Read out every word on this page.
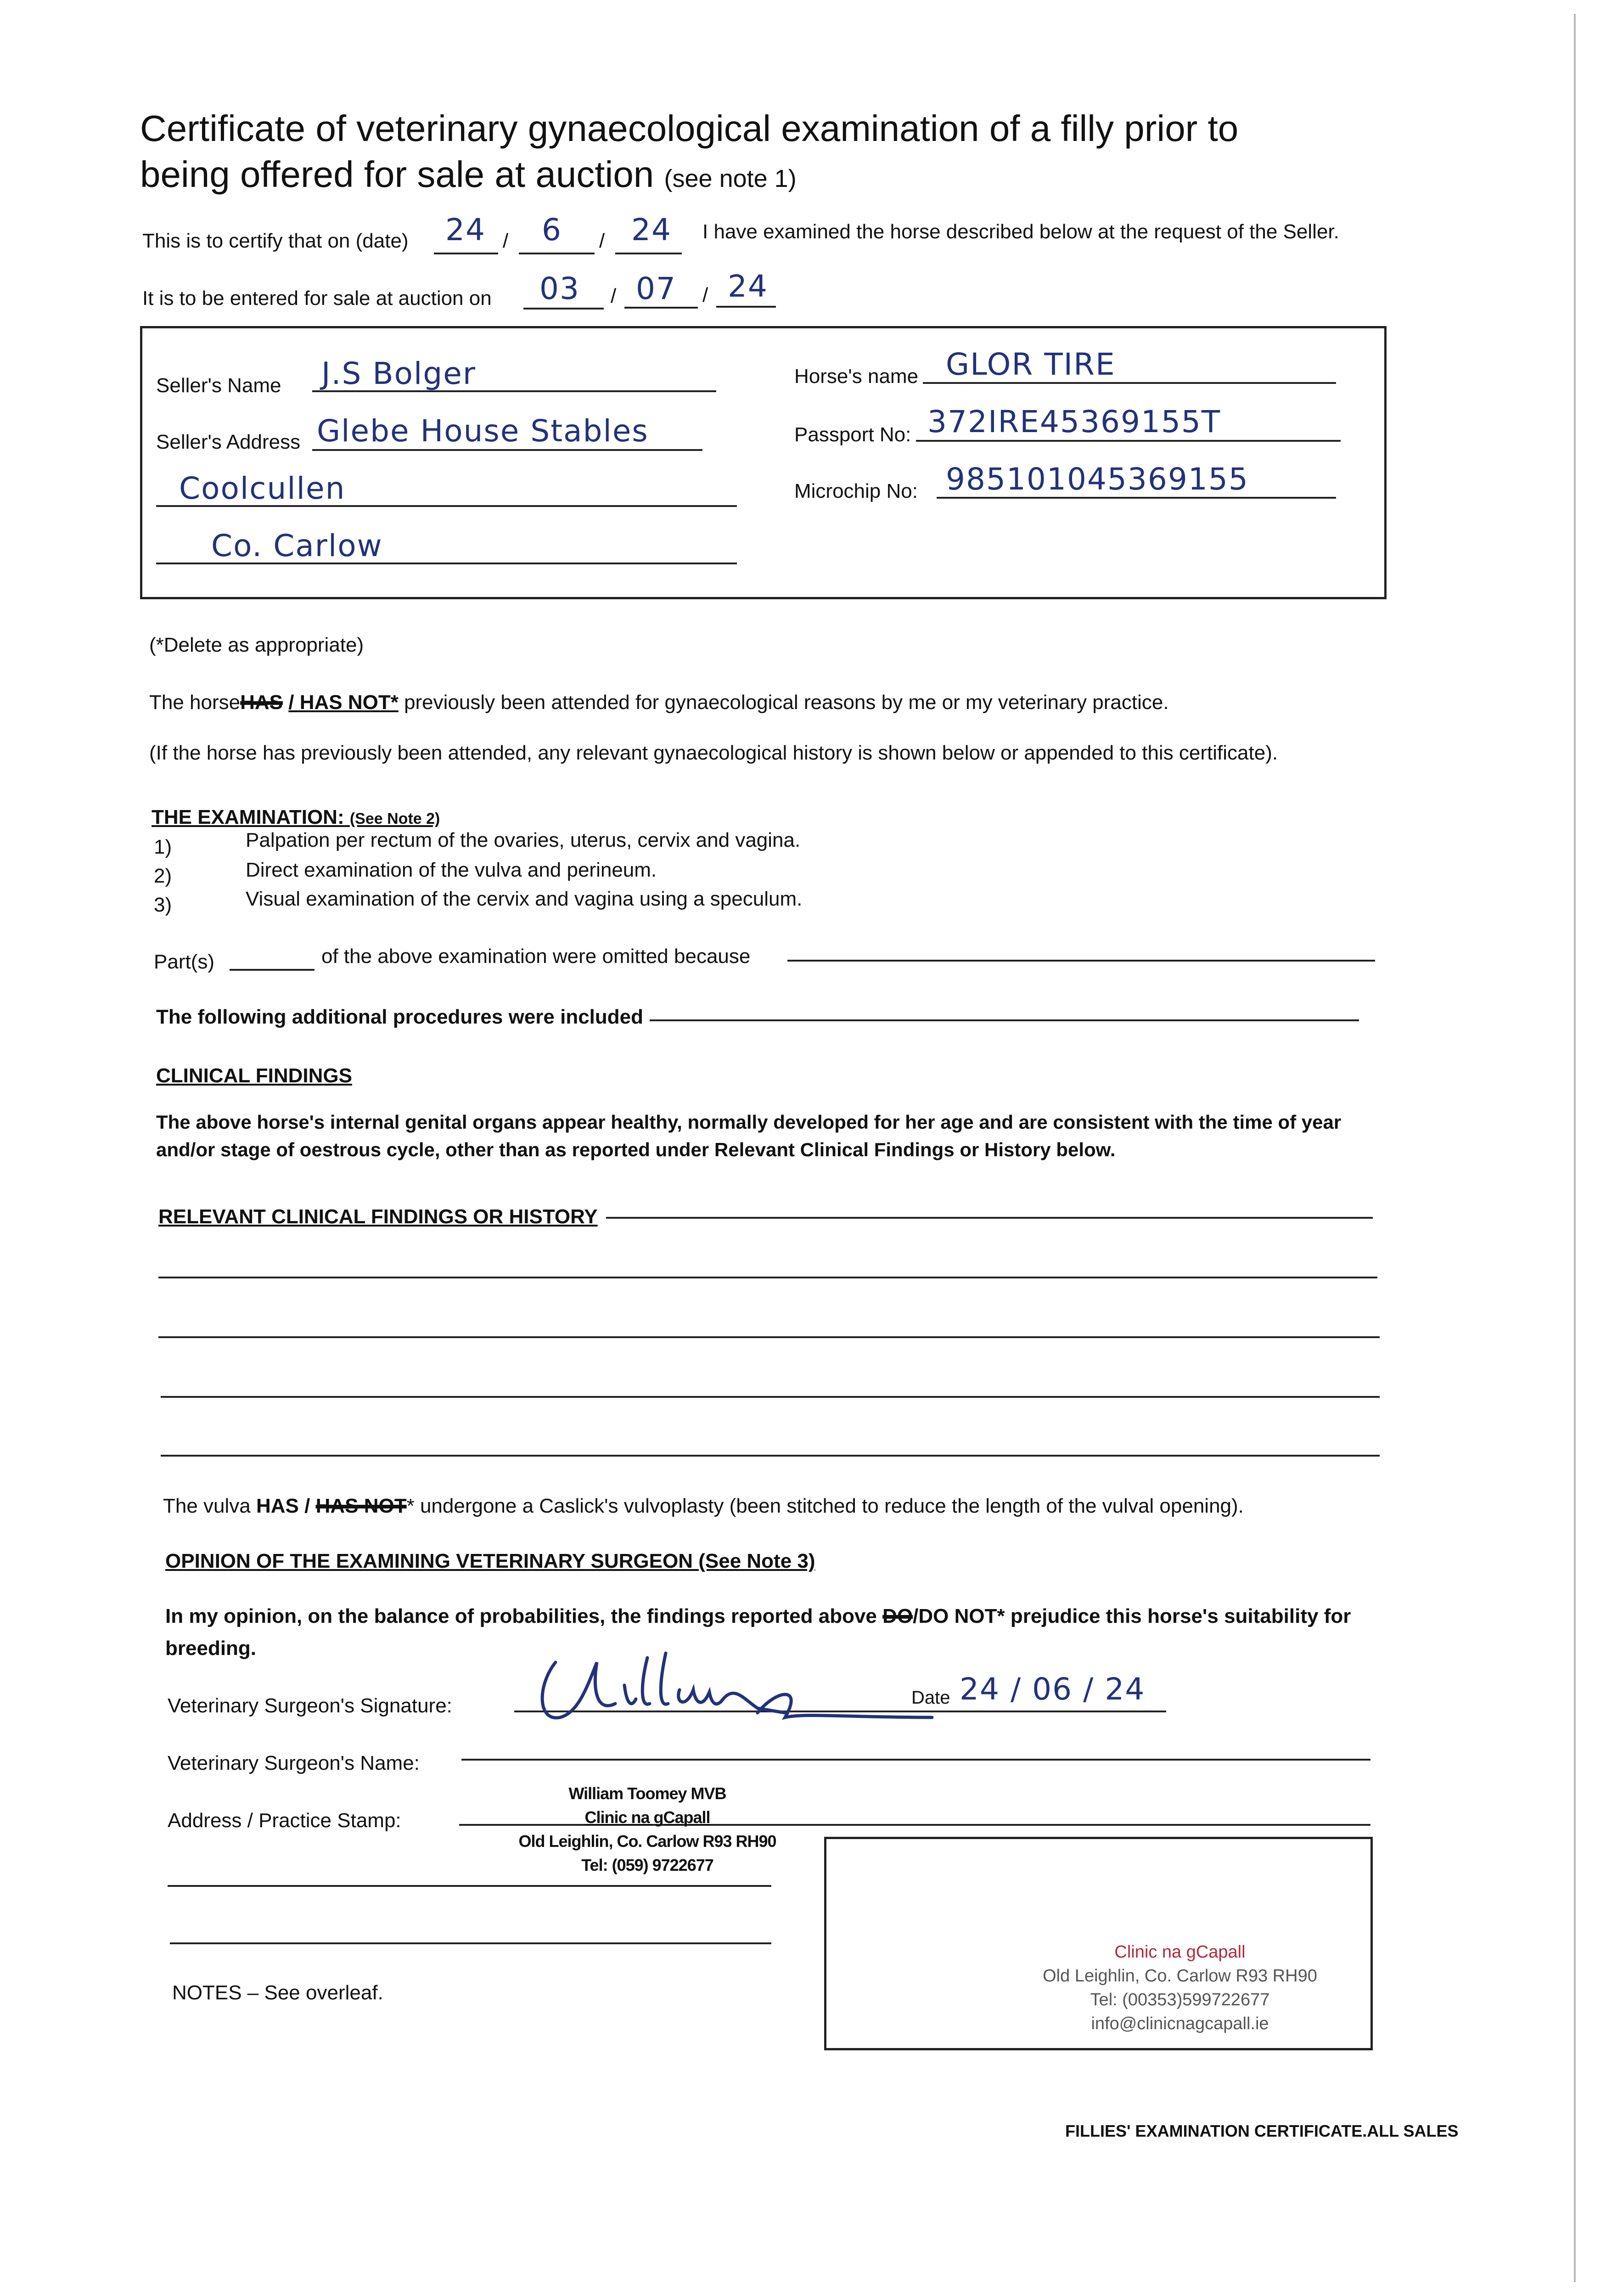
Certificate of veterinary gynaecological examination of a filly prior to
being offered for sale at auction (see note 1)
This is to certify that on (date) 24 / 6 / 24 I have examined the horse described below at the request of the Seller.
It is to be entered for sale at auction on 03 / 07 / 24
Seller's Name J.S Bolger
Seller's Address Glebe House Stables
Coolcullen
Co. Carlow
Horse's name GLOR TIRE
Passport No: 372IRE45369155T
Microchip No: 985101045369155
(*Delete as appropriate)
The horseHAS / HAS NOT* previously been attended for gynaecological reasons by me or my veterinary practice.
(If the horse has previously been attended, any relevant gynaecological history is shown below or appended to this certificate).
THE EXAMINATION: (See Note 2)
1)	Palpation per rectum of the ovaries, uterus, cervix and vagina.
2)	Direct examination of the vulva and perineum.
3)	Visual examination of the cervix and vagina using a speculum.
Part(s)	of the above examination were omitted because
The following additional procedures were included
CLINICAL FINDINGS
The above horse's internal genital organs appear healthy, normally developed for her age and are consistent with the time of year
and/or stage of oestrous cycle, other than as reported under Relevant Clinical Findings or History below.
RELEVANT CLINICAL FINDINGS OR HISTORY
The vulva HAS / HAS NOT* undergone a Caslick's vulvoplasty (been stitched to reduce the length of the vulval opening).
OPINION OF THE EXAMINING VETERINARY SURGEON (See Note 3)
In my opinion, on the balance of probabilities, the findings reported above DO/DO NOT* prejudice this horse's suitability for
breeding.
Veterinary Surgeon's Signature:	Date 24 / 06 / 24
Veterinary Surgeon's Name:
Address / Practice Stamp:
William Toomey MVB
Clinic na gCapall
Old Leighlin, Co. Carlow R93 RH90
Tel: (059) 9722677
NOTES – See overleaf.
Clinic na gCapall
Old Leighlin, Co. Carlow R93 RH90
Tel: (00353)599722677
info@clinicnagcapall.ie
FILLIES' EXAMINATION CERTIFICATE.ALL SALES
